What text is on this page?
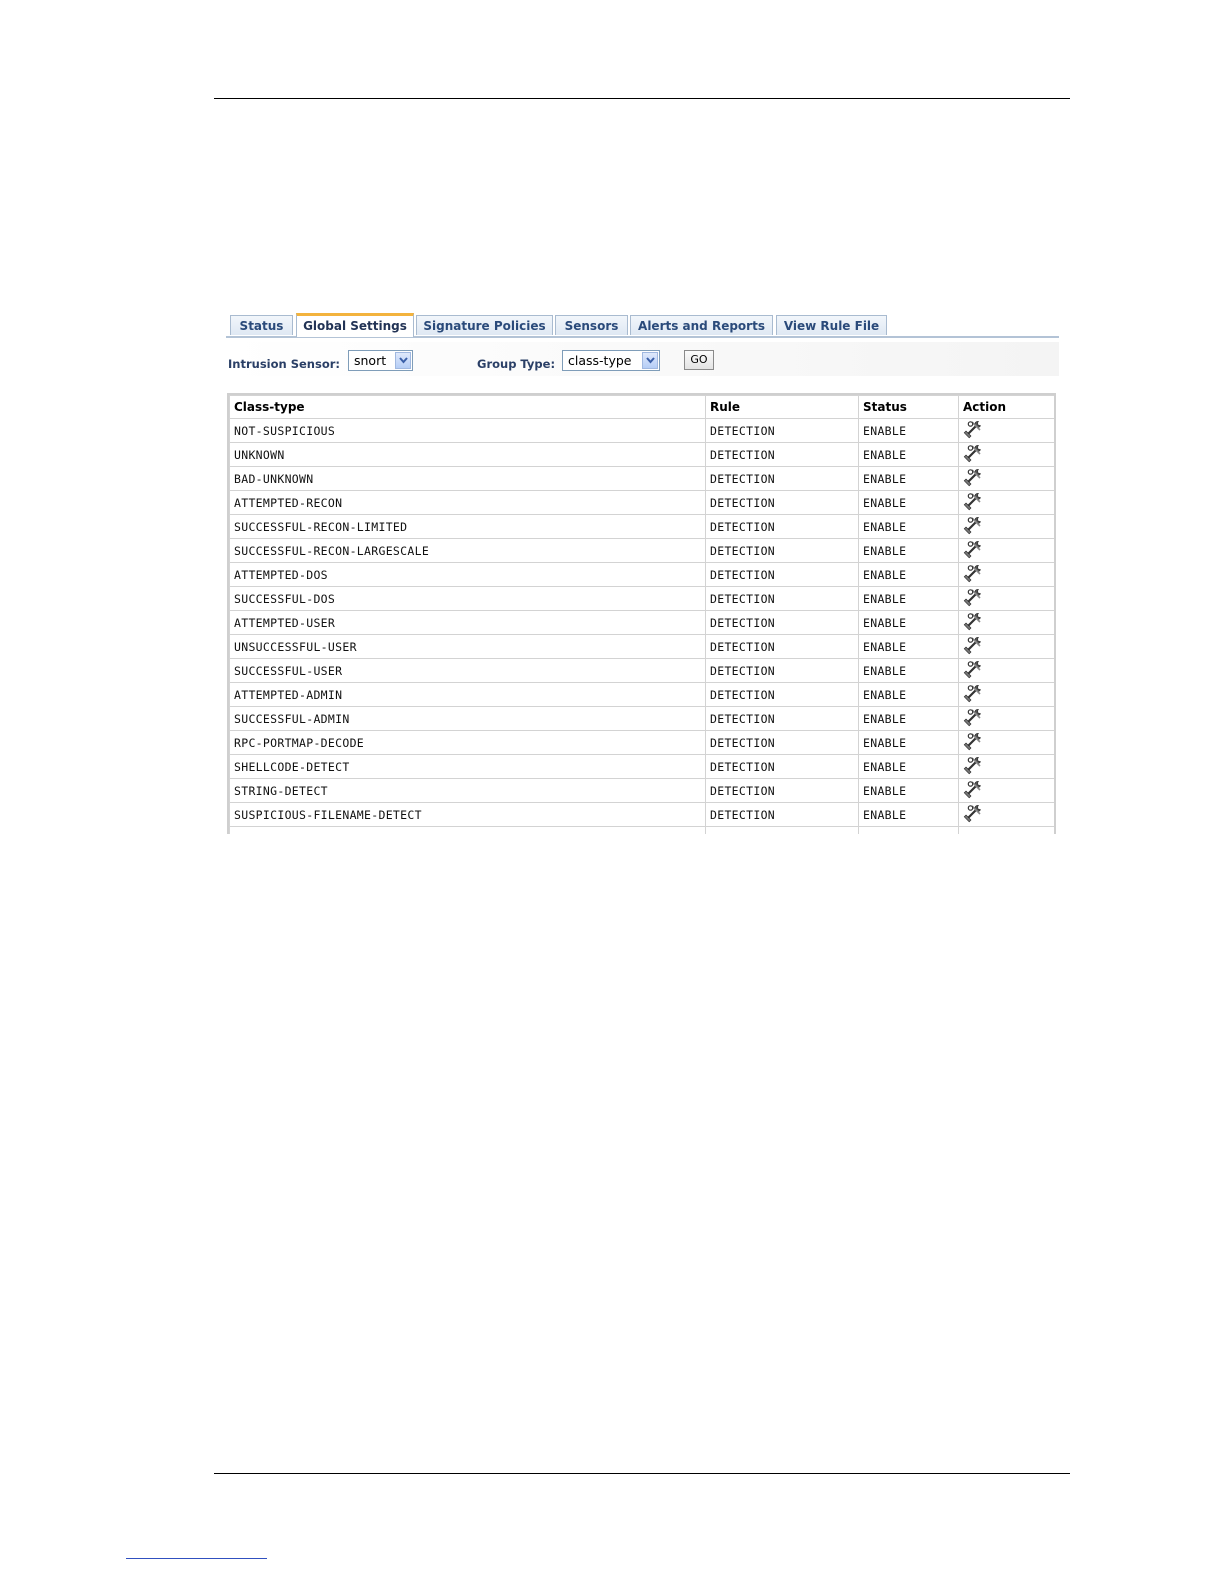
Status	Global Settings	Signature Policies	Sensors	Alerts and Reports	View Rule File
Intrusion Sensor: snort	Group Type: class-type	GO
Class-type	Rule	Status	Action
NOT-SUSPICIOUS	DETECTION	ENABLE	

UNKNOWN	DETECTION	ENABLE	

BAD-UNKNOWN	DETECTION	ENABLE	

ATTEMPTED-RECON	DETECTION	ENABLE	

SUCCESSFUL-RECON-LIMITED	DETECTION	ENABLE	

SUCCESSFUL-RECON-LARGESCALE	DETECTION	ENABLE	

ATTEMPTED-DOS	DETECTION	ENABLE	

SUCCESSFUL-DOS	DETECTION	ENABLE	

ATTEMPTED-USER	DETECTION	ENABLE	

UNSUCCESSFUL-USER	DETECTION	ENABLE	

SUCCESSFUL-USER	DETECTION	ENABLE	

ATTEMPTED-ADMIN	DETECTION	ENABLE	

SUCCESSFUL-ADMIN	DETECTION	ENABLE	

RPC-PORTMAP-DECODE	DETECTION	ENABLE	

SHELLCODE-DETECT	DETECTION	ENABLE	

STRING-DETECT	DETECTION	ENABLE	

SUSPICIOUS-FILENAME-DETECT	DETECTION	ENABLE	
